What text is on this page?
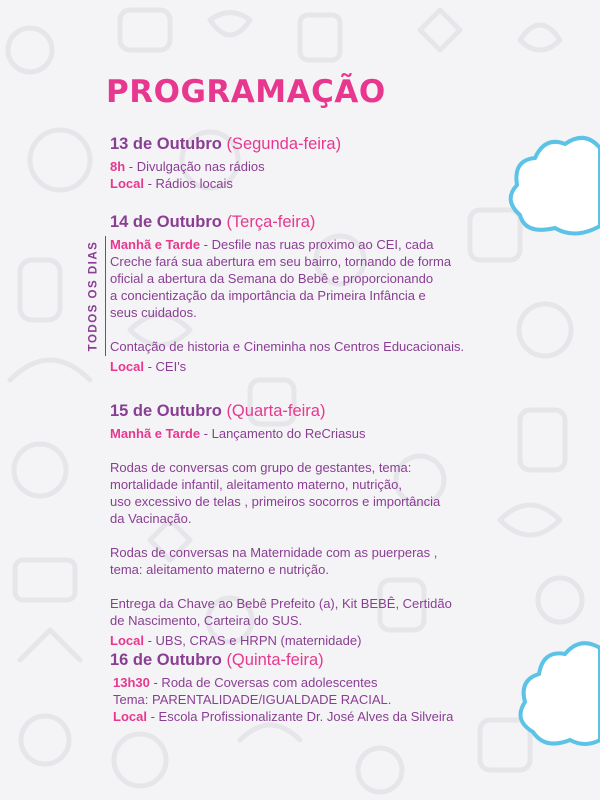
PROGRAMAÇÃO
TODOS OS DIAS

13 de Outubro (Segunda-feira)

8h - Divulgação nas rádios

Local - Rádios locais

14 de Outubro (Terça-feira)

Manhã e Tarde - Desfile nas ruas proximo ao CEI, cada

Creche fará sua abertura em seu bairro, tornando de forma

oficial a abertura da Semana do Bebê e proporcionando

a concientização da importância da Primeira Infância e

seus cuidados.

Contação de historia e Cineminha nos Centros Educacionais.

Local - CEI's

15 de Outubro (Quarta-feira)

Manhã e Tarde - Lançamento do ReCriasus

Rodas de conversas com grupo de gestantes, tema:

mortalidade infantil, aleitamento materno, nutrição,

uso excessivo de telas , primeiros socorros e importância

da Vacinação.

Rodas de conversas na Maternidade com as puerperas ,

tema: aleitamento materno e nutrição.

Entrega da Chave ao Bebê Prefeito (a), Kit BEBÊ, Certidão

de Nascimento, Carteira do SUS.

Local - UBS, CRAS e HRPN (maternidade)

16 de Outubro (Quinta-feira)

13h30 - Roda de Coversas com adolescentes

Tema: PARENTALIDADE/IGUALDADE RACIAL.

Local - Escola Profissionalizante Dr. José Alves da Silveira
